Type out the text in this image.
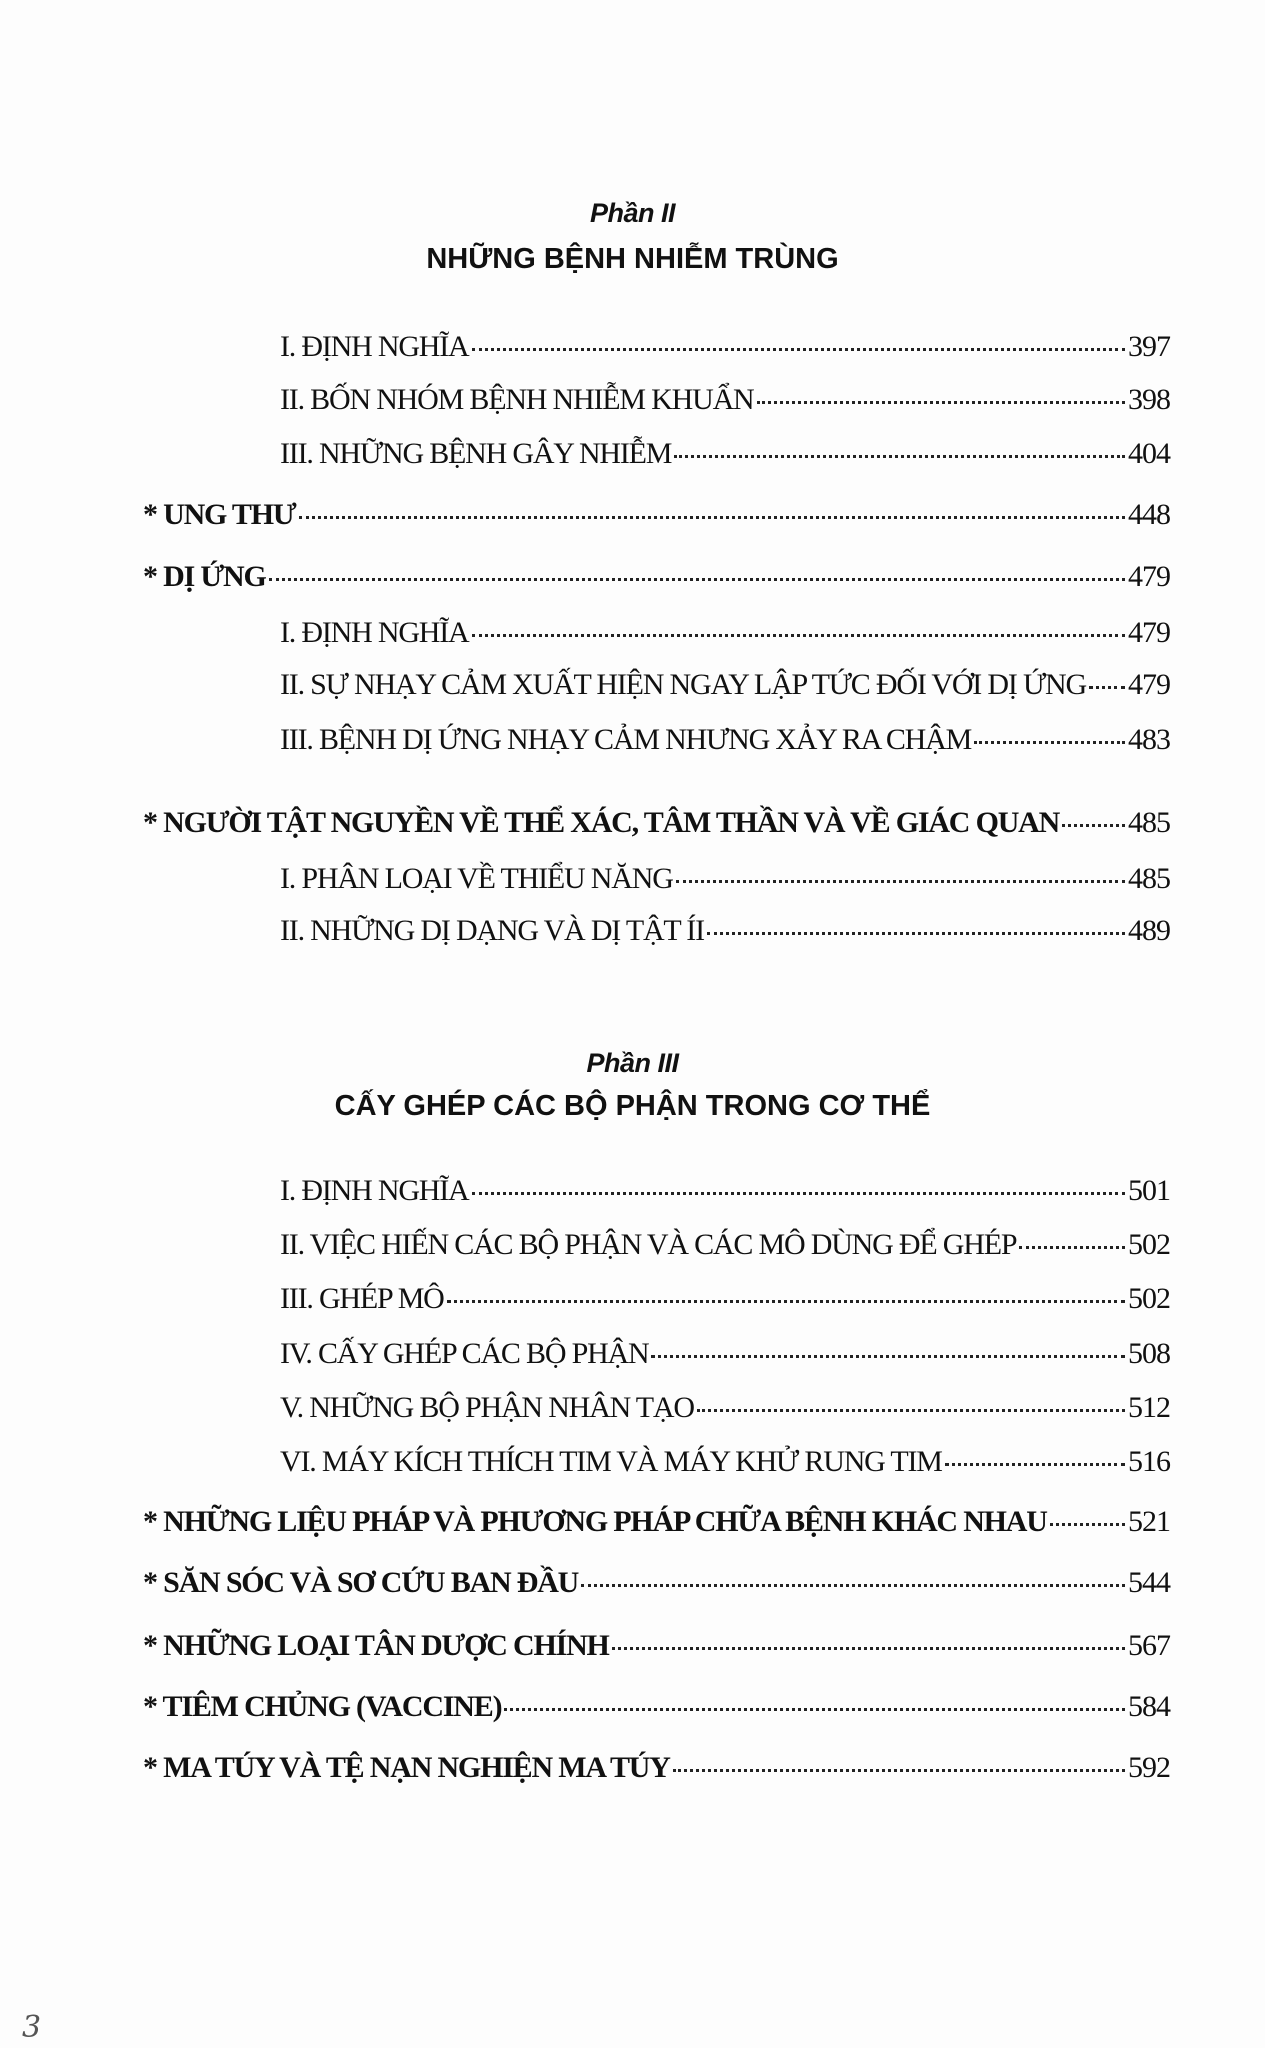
Phần II
NHỮNG BỆNH NHIỄM TRÙNG
I. ĐỊNH NGHĨA	397
II. BỐN NHÓM BỆNH NHIỄM KHUẨN	398
III. NHỮNG BỆNH GÂY NHIỄM	404
* UNG THƯ	448
* DỊ ỨNG	479
I. ĐỊNH NGHĨA	479
II. SỰ NHẠY CẢM XUẤT HIỆN NGAY LẬP TỨC ĐỐI VỚI DỊ ỨNG 479
III. BỆNH DỊ ỨNG NHẠY CẢM NHƯNG XẢY RA CHẬM	483
* NGƯỜI TẬT NGUYỀN VỀ THỂ XÁC, TÂM THẦN VÀ VỀ GIÁC QUAN 485
I. PHÂN LOẠI VỀ THIỂU NĂNG	485
II. NHỮNG DỊ DẠNG VÀ DỊ TẬT ÍI	489
Phần III
CẤY GHÉP CÁC BỘ PHẬN TRONG CƠ THỂ
I. ĐỊNH NGHĨA	501
II. VIỆC HIẾN CÁC BỘ PHẬN VÀ CÁC MÔ DÙNG ĐỂ GHÉP	502
III. GHÉP MÔ	502
IV. CẤY GHÉP CÁC BỘ PHẬN	508
V. NHỮNG BỘ PHẬN NHÂN TẠO	512
VI. MÁY KÍCH THÍCH TIM VÀ MÁY KHỬ RUNG TIM	516
* NHỮNG LIỆU PHÁP VÀ PHƯƠNG PHÁP CHỮA BỆNH KHÁC NHAU	521
* SĂN SÓC VÀ SƠ CỨU BAN ĐẦU	544
* NHỮNG LOẠI TÂN DƯỢC CHÍNH	567
* TIÊM CHỦNG (VACCINE)	584
* MA TÚY VÀ TỆ NẠN NGHIỆN MA TÚY	592
3
